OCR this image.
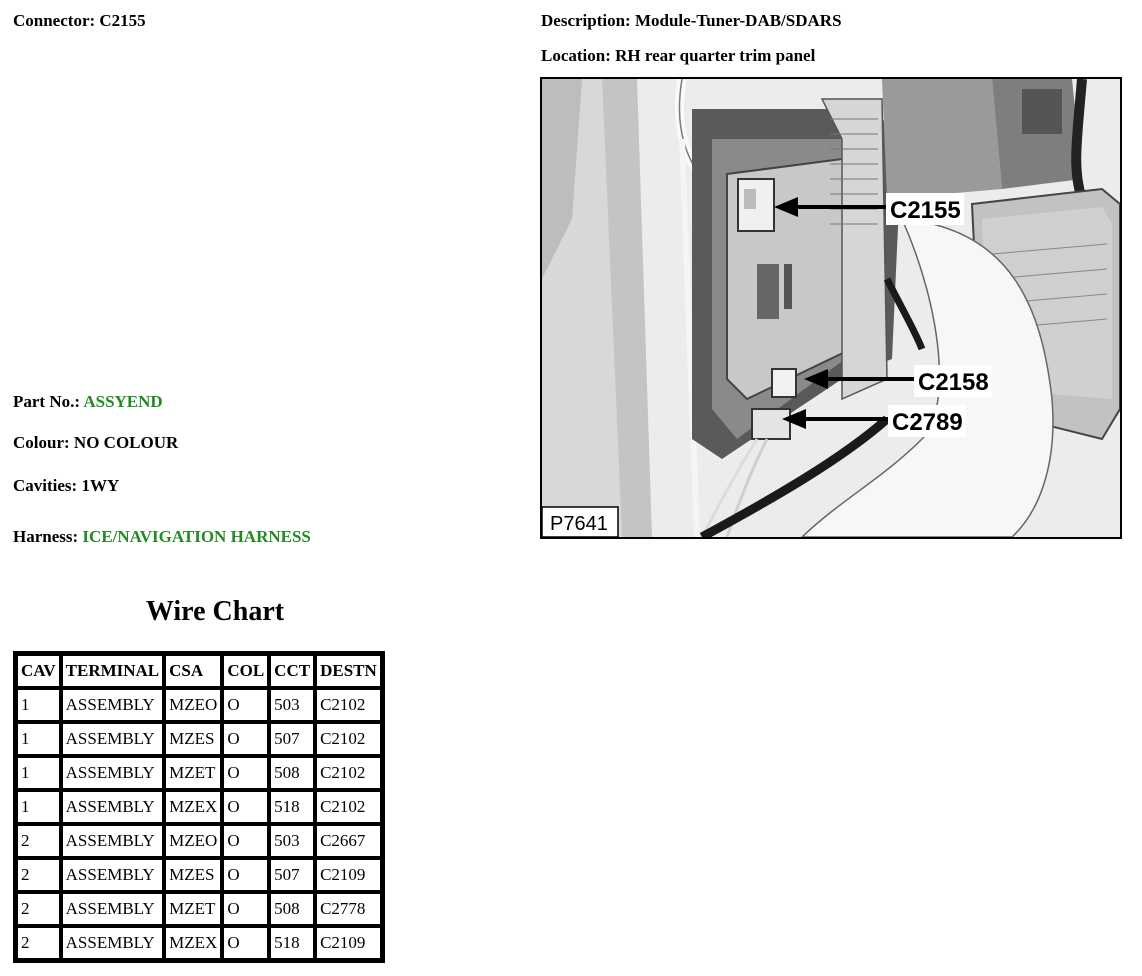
Connector: C2155	Description: Module-Tuner-DAB/SDARS
Location: RH rear quarter trim panel
Part No.: ASSYEND
Colour: NO COLOUR
Cavities: 1WY
Harness: ICE/NAVIGATION HARNESS
C2155
C2158
C2789
P7641
Wire Chart
CAV	TERMINAL	CSA	COL	CCT	DESTN
1	ASSEMBLY	MZEO	O	503	C2102
1	ASSEMBLY	MZES	O	507	C2102
1	ASSEMBLY	MZET	O	508	C2102
1	ASSEMBLY	MZEX	O	518	C2102
2	ASSEMBLY	MZEO	O	503	C2667
2	ASSEMBLY	MZES	O	507	C2109
2	ASSEMBLY	MZET	O	508	C2778
2	ASSEMBLY	MZEX	O	518	C2109
